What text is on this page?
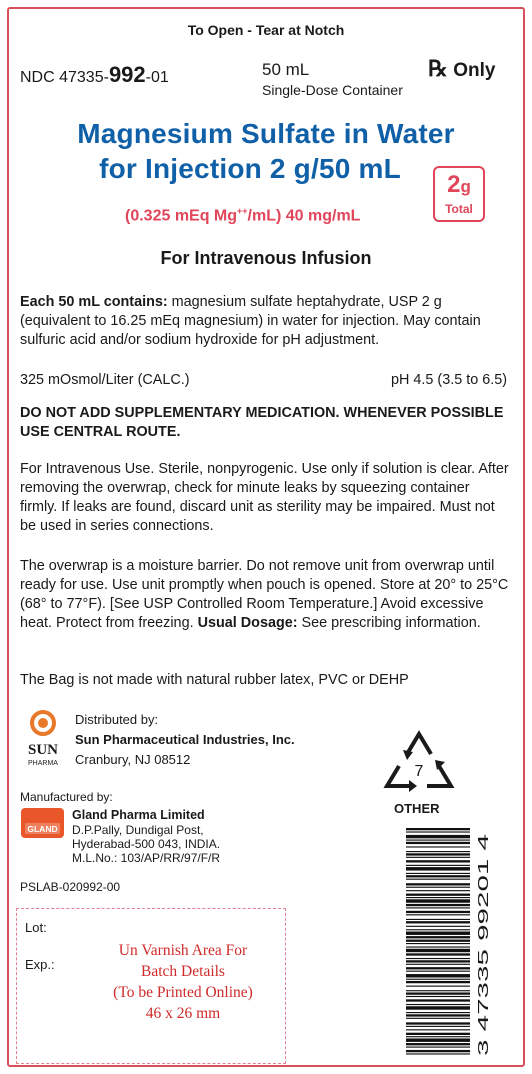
To Open - Tear at Notch
NDC 47335-992-01	50 mL
Single-Dose Container
℞ Only
Magnesium Sulfate in Water
for Injection 2 g/50 mL
(0.325 mEq Mg++/mL) 40 mg/mL
2g
Total
For Intravenous Infusion
Each 50 mL contains: magnesium sulfate heptahydrate, USP 2 g (equivalent to 16.25 mEq magnesium) in water for injection. May contain sulfuric acid and/or sodium hydroxide for pH adjustment.
325 mOsmol/Liter (CALC.)	pH 4.5 (3.5 to 6.5)
DO NOT ADD SUPPLEMENTARY MEDICATION. WHENEVER POSSIBLE USE CENTRAL ROUTE.
For Intravenous Use. Sterile, nonpyrogenic. Use only if solution is clear. After removing the overwrap, check for minute leaks by squeezing container firmly. If leaks are found, discard unit as sterility may be impaired. Must not be used in series connections.
The overwrap is a moisture barrier. Do not remove unit from overwrap until ready for use. Use unit promptly when pouch is opened. Store at 20° to 25°C (68° to 77°F). [See USP Controlled Room Temperature.] Avoid excessive heat. Protect from freezing. Usual Dosage: See prescribing information.
The Bag is not made with natural rubber latex, PVC or DEHP
SUN
PHARMA
Distributed by:
Sun Pharmaceutical Industries, Inc.
Cranbury, NJ 08512
7
OTHER
Manufactured by:
GLAND
Gland Pharma Limited
D.P.Pally, Dundigal Post,
Hyderabad-500 043, INDIA.
M.L.No.: 103/AP/RR/97/F/R
PSLAB-020992-00
Lot:
Exp.:
Un Varnish Area For
Batch Details
(To be Printed Online)
46 x 26 mm	3 47335 99201 4
